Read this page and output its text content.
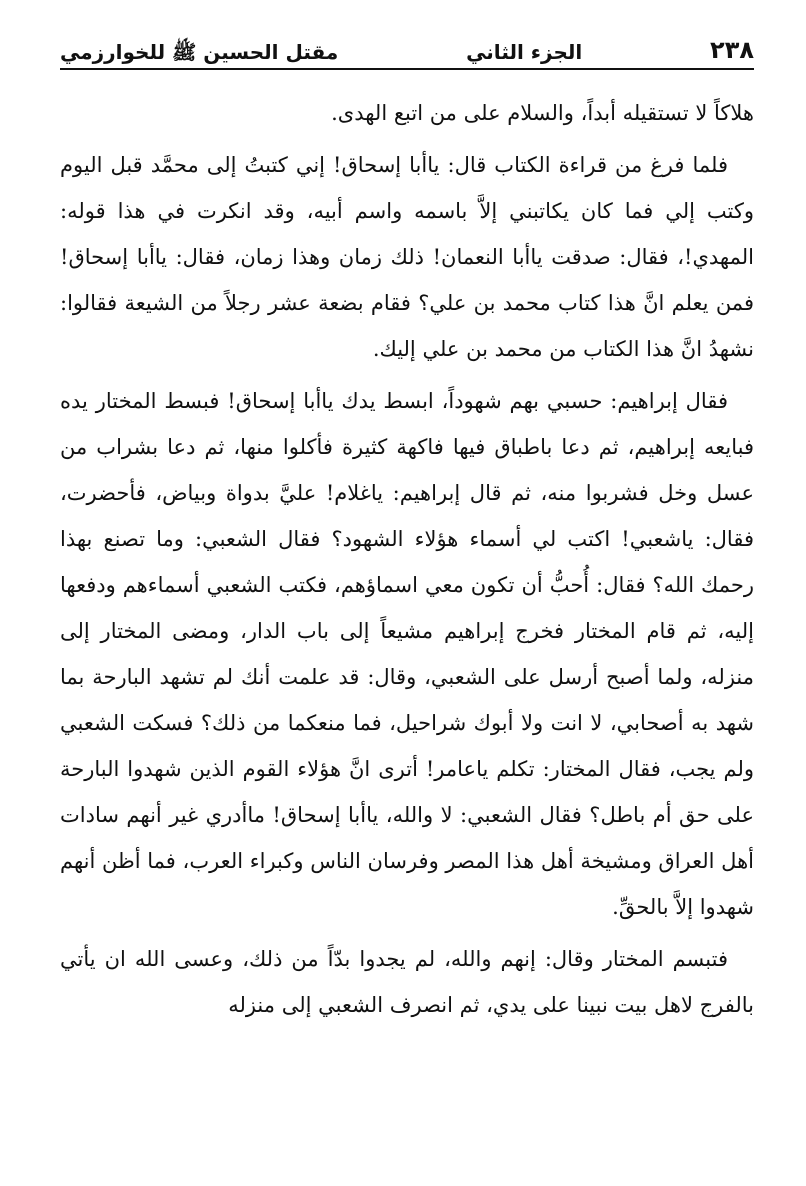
٢٣٨
الجزء الثاني
مقتل الحسين ﷺ للخوارزمي

هلاكاً لا تستقيله أبداً، والسلام على من اتبع الهدى.

فلما فرغ من قراءة الكتاب قال: ياأبا إسحاق! إني كتبتُ إلى محمَّد قبل اليوم وكتب إلي فما كان يكاتبني إلاَّ باسمه واسم أبيه، وقد انكرت في هذا قوله: المهدي!، فقال: صدقت ياأبا النعمان! ذلك زمان وهذا زمان، فقال: ياأبا إسحاق! فمن يعلم انَّ هذا كتاب محمد بن علي؟ فقام بضعة عشر رجلاً من الشيعة فقالوا: نشهدُ انَّ هذا الكتاب من محمد بن علي إليك.

فقال إبراهيم: حسبي بهم شهوداً، ابسط يدك ياأبا إسحاق! فبسط المختار يده فبايعه إبراهيم، ثم دعا باطباق فيها فاكهة كثيرة فأكلوا منها، ثم دعا بشراب من عسل وخل فشربوا منه، ثم قال إبراهيم: ياغلام! عليَّ بدواة وبياض، فأحضرت، فقال: ياشعبي! اكتب لي أسماء هؤلاء الشهود؟ فقال الشعبي: وما تصنع بهذا رحمك الله؟ فقال: أُحبُّ أن تكون معي اسماؤهم، فكتب الشعبي أسماءهم ودفعها إليه، ثم قام المختار فخرج إبراهيم مشيعاً إلى باب الدار، ومضى المختار إلى منزله، ولما أصبح أرسل على الشعبي، وقال: قد علمت أنك لم تشهد البارحة بما شهد به أصحابي، لا انت ولا أبوك شراحيل، فما منعكما من ذلك؟ فسكت الشعبي ولم يجب، فقال المختار: تكلم ياعامر! أترى انَّ هؤلاء القوم الذين شهدوا البارحة على حق أم باطل؟ فقال الشعبي: لا والله، ياأبا إسحاق! ماأدري غير أنهم سادات أهل العراق ومشيخة أهل هذا المصر وفرسان الناس وكبراء العرب، فما أظن أنهم شهدوا إلاَّ بالحقِّ.

فتبسم المختار وقال: إنهم والله، لم يجدوا بدّاً من ذلك، وعسى الله ان يأتي بالفرج لاهل بيت نبينا على يدي، ثم انصرف الشعبي إلى منزله
